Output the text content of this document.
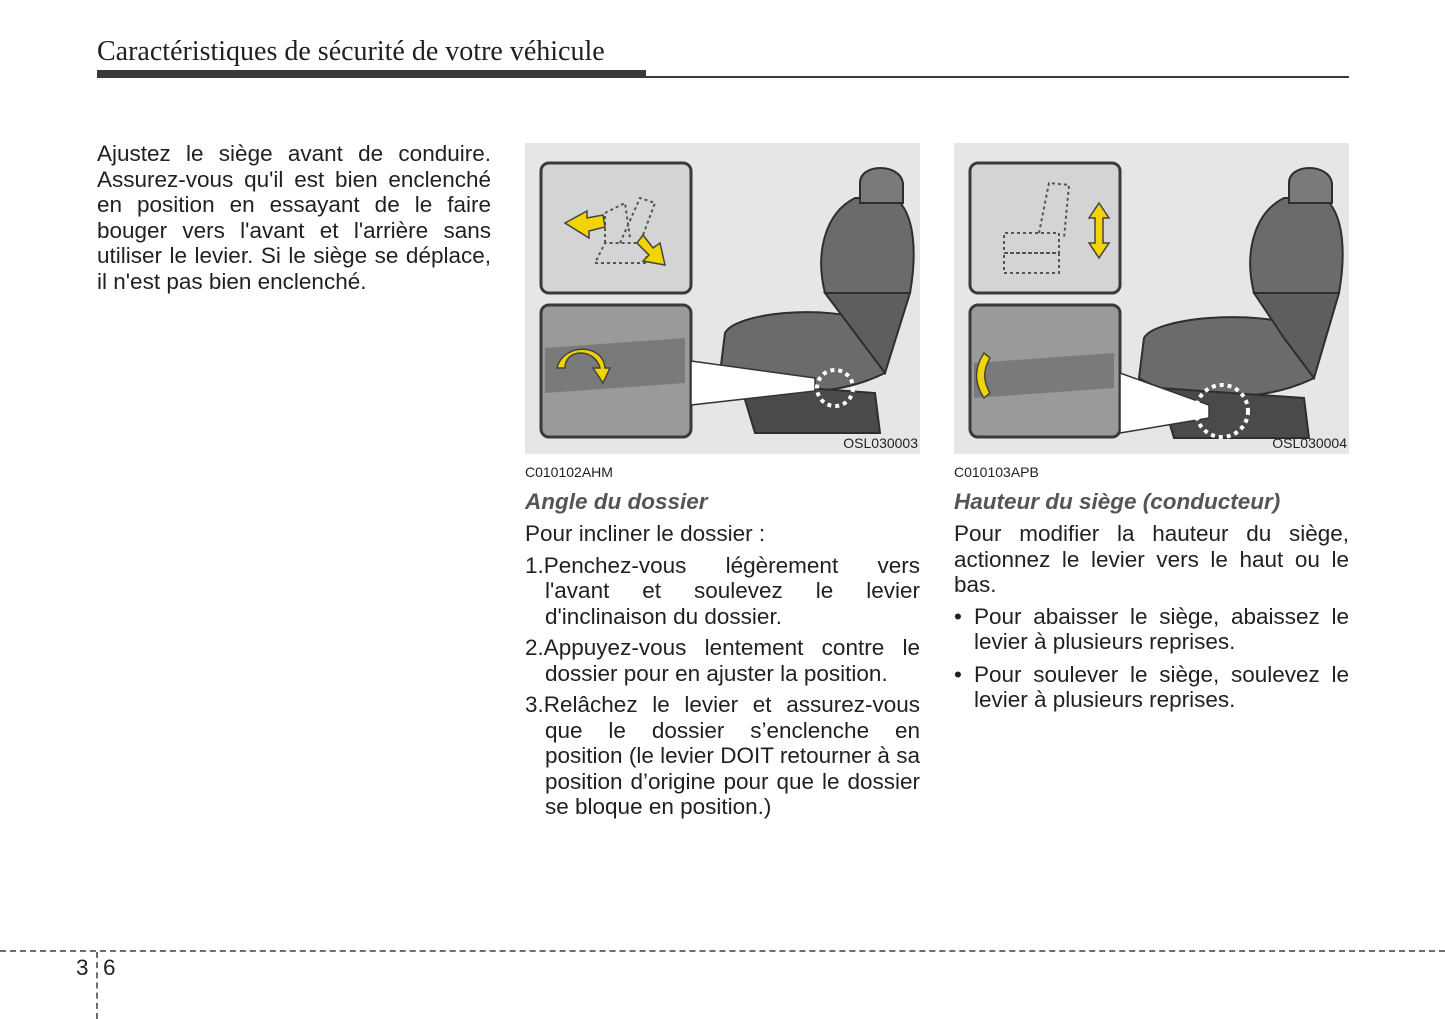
Caractéristiques de sécurité de votre véhicule
Ajustez le siège avant de conduire. Assurez-vous qu'il est bien enclenché en position en essayant de le faire bouger vers l'avant et l'arrière sans utiliser le levier. Si le siège se déplace, il n'est pas bien enclenché.
OSL030003
C010102AHM
Angle du dossier
Pour incliner le dossier :
1.Penchez-vous légèrement vers l'avant et soulevez le levier d'inclinaison du dossier.
2.Appuyez-vous lentement contre le dossier pour en ajuster la position.
3.Relâchez le levier et assurez-vous que le dossier s’enclenche en position (le levier DOIT retourner à sa position d’origine pour que le dossier se bloque en position.)
OSL030004
C010103APB
Hauteur du siège (conducteur)
Pour modifier la hauteur du siège, actionnez le levier vers le haut ou le bas.
• Pour abaisser le siège, abaissez le levier à plusieurs reprises.
• Pour soulever le siège, soulevez le levier à plusieurs reprises.
3 6
